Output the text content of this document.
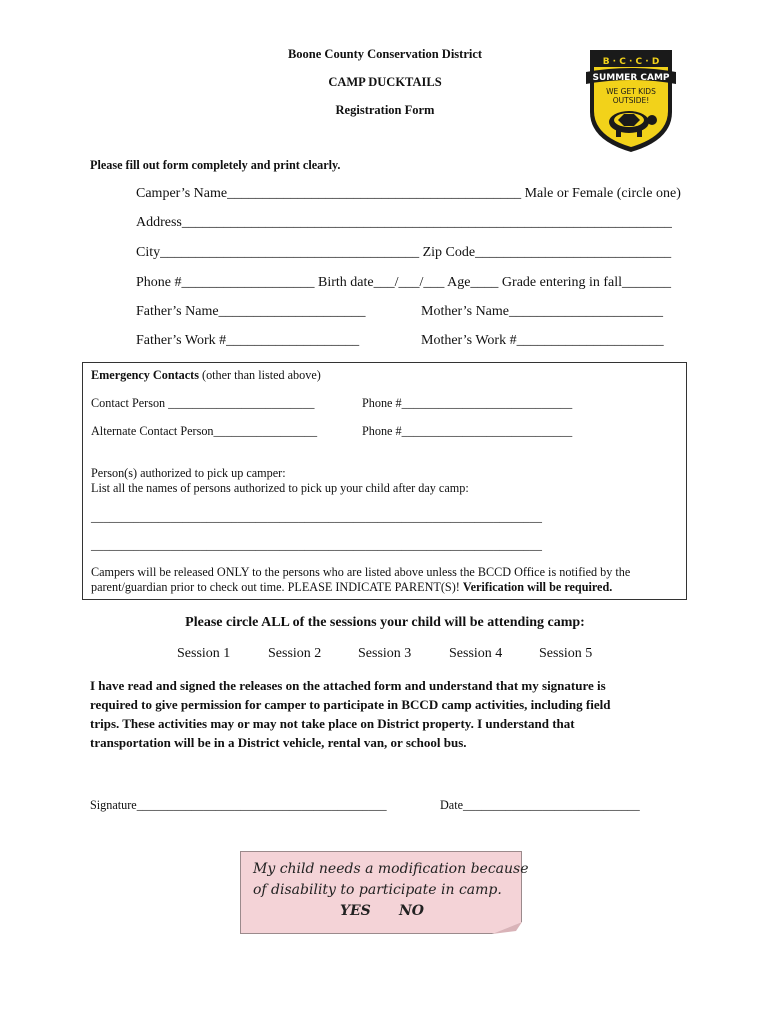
Boone County Conservation District
CAMP DUCKTAILS
Registration Form
B · C · C · D
SUMMER CAMP
WE GET KIDS
OUTSIDE!
Please fill out form completely and print clearly.
Camper’s Name__________________________________________ Male or Female (circle one)
Address______________________________________________________________________
City_____________________________________ Zip Code____________________________
Phone #___________________ Birth date___/___/___ Age____ Grade entering in fall_______
Father’s Name_____________________	Mother’s Name______________________
Father’s Work #___________________	Mother’s Work #_____________________
Emergency Contacts (other than listed above)
Contact Person ________________________	Phone #____________________________
Alternate Contact Person_________________	Phone #____________________________
Person(s) authorized to pick up camper:
List all the names of persons authorized to pick up your child after day camp:
__________________________________________________________________________
__________________________________________________________________________
Campers will be released ONLY to the persons who are listed above unless the BCCD Office is notified by the
parent/guardian prior to check out time. PLEASE INDICATE PARENT(S)! Verification will be required.
Please circle ALL of the sessions your child will be attending camp:
Session 1	Session 2	Session 3	Session 4	Session 5
I have read and signed the releases on the attached form and understand that my signature is
required to give permission for camper to participate in BCCD camp activities, including field
trips. These activities may or may not take place on District property. I understand that
transportation will be in a District vehicle, rental van, or school bus.
Signature_________________________________________	Date_____________________________
My child needs a modification because
of disability to participate in camp.
YES NO
